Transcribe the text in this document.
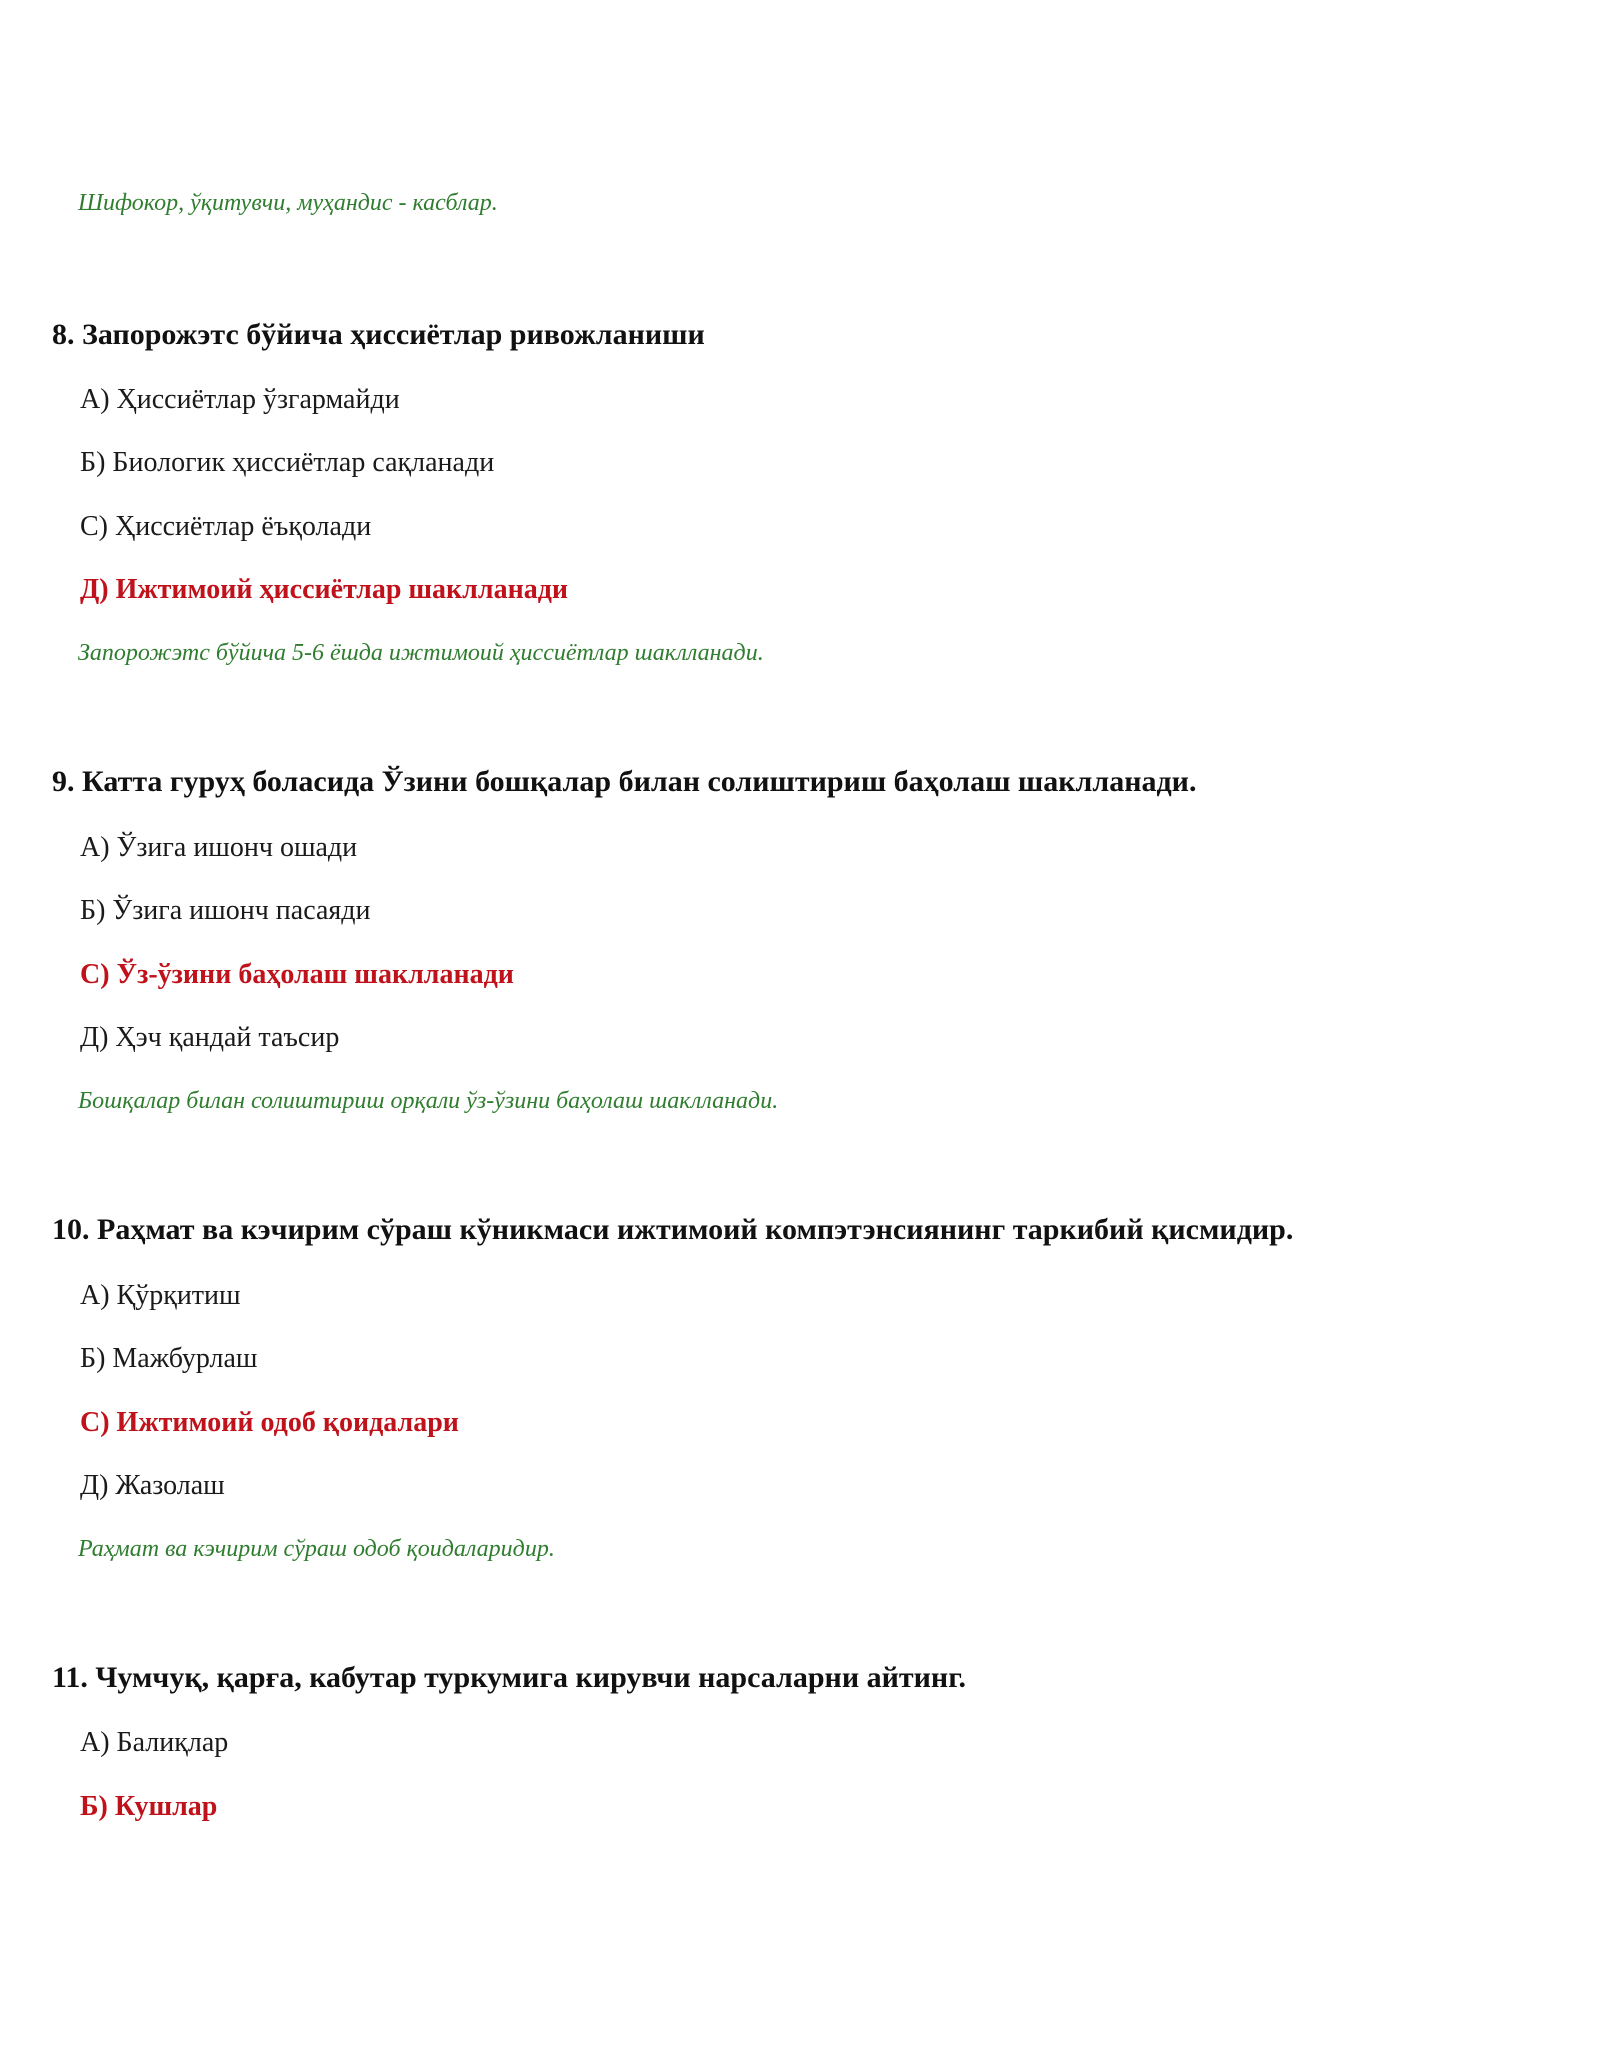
Шифокор, ўқитувчи, муҳандис - касблар.
8. Запорожэтс бўйича ҳиссиётлар ривожланиши
А) Ҳиссиётлар ўзгармайди
Б) Биологик ҳиссиётлар сақланади
С) Ҳиссиётлар ёъқолади
Д) Ижтимоий ҳиссиётлар шаклланади
Запорожэтс бўйича 5-6 ёшда ижтимоий ҳиссиётлар шаклланади.
9. Катта гуруҳ боласида Ўзини бошқалар билан солиштириш баҳолаш шаклланади.
А) Ўзига ишонч ошади
Б) Ўзига ишонч пасаяди
С) Ўз-ўзини баҳолаш шаклланади
Д) Ҳэч қандай таъсир
Бошқалар билан солиштириш орқали ўз-ўзини баҳолаш шаклланади.
10. Раҳмат ва кэчирим сўраш кўникмаси ижтимоий компэтэнсиянинг таркибий қисмидир.
А) Қўрқитиш
Б) Мажбурлаш
С) Ижтимоий одоб қоидалари
Д) Жазолаш
Раҳмат ва кэчирим сўраш одоб қоидаларидир.
11. Чумчуқ, қарға, кабутар туркумига кирувчи нарсаларни айтинг.
А) Балиқлар
Б) Кушлар
